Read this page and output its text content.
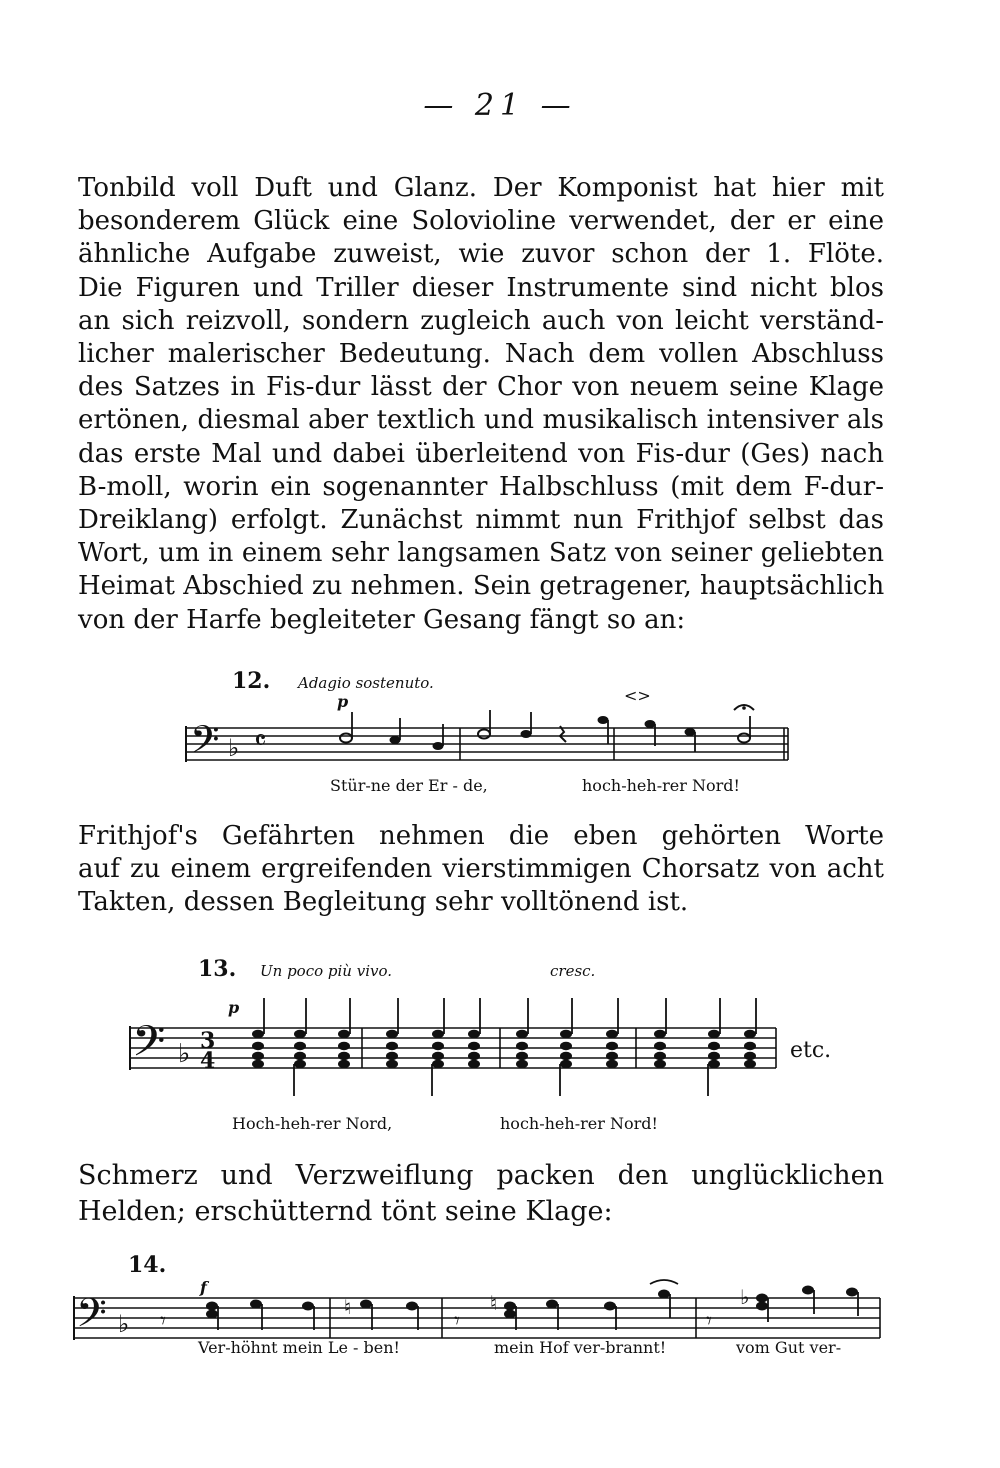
— 21 —
Tonbild voll Duft und Glanz. Der Komponist hat hier mit
besonderem Glück eine Solovioline verwendet, der er eine
ähnliche Aufgabe zuweist, wie zuvor schon der 1. Flöte.
Die Figuren und Triller dieser Instrumente sind nicht blos
an sich reizvoll, sondern zugleich auch von leicht verständ-
licher malerischer Bedeutung. Nach dem vollen Abschluss
des Satzes in Fis-dur lässt der Chor von neuem seine Klage
ertönen, diesmal aber textlich und musikalisch intensiver als
das erste Mal und dabei überleitend von Fis-dur (Ges) nach
B-moll, worin ein sogenannter Halbschluss (mit dem F-dur-
Dreiklang) erfolgt. Zunächst nimmt nun Frithjof selbst das
Wort, um in einem sehr langsamen Satz von seiner geliebten
Heimat Abschied zu nehmen. Sein getragener, hauptsächlich
von der Harfe begleiteter Gesang fängt so an:
12. Adagio sostenuto.
p	<>
𝄢 ♭ 𝄴
Stür-ne der Er - de,	hoch-heh-rer Nord!
Frithjof's Gefährten nehmen die eben gehörten Worte
auf zu einem ergreifenden vierstimmigen Chorsatz von acht
Takten, dessen Begleitung sehr volltönend ist.
13. Un poco più vivo.	cresc.
p
𝄢 ♭ 3
4	etc.
Hoch-heh-rer Nord,	hoch-heh-rer Nord!
Schmerz und Verzweiflung packen den unglücklichen
Helden; erschütternd tönt seine Klage:
14.
f
𝄢 ♭ 𝄾
♮
𝄾
♮
𝄾
♭
Ver-höhnt mein Le - ben!	mein Hof ver-brannt!	vom Gut ver-
